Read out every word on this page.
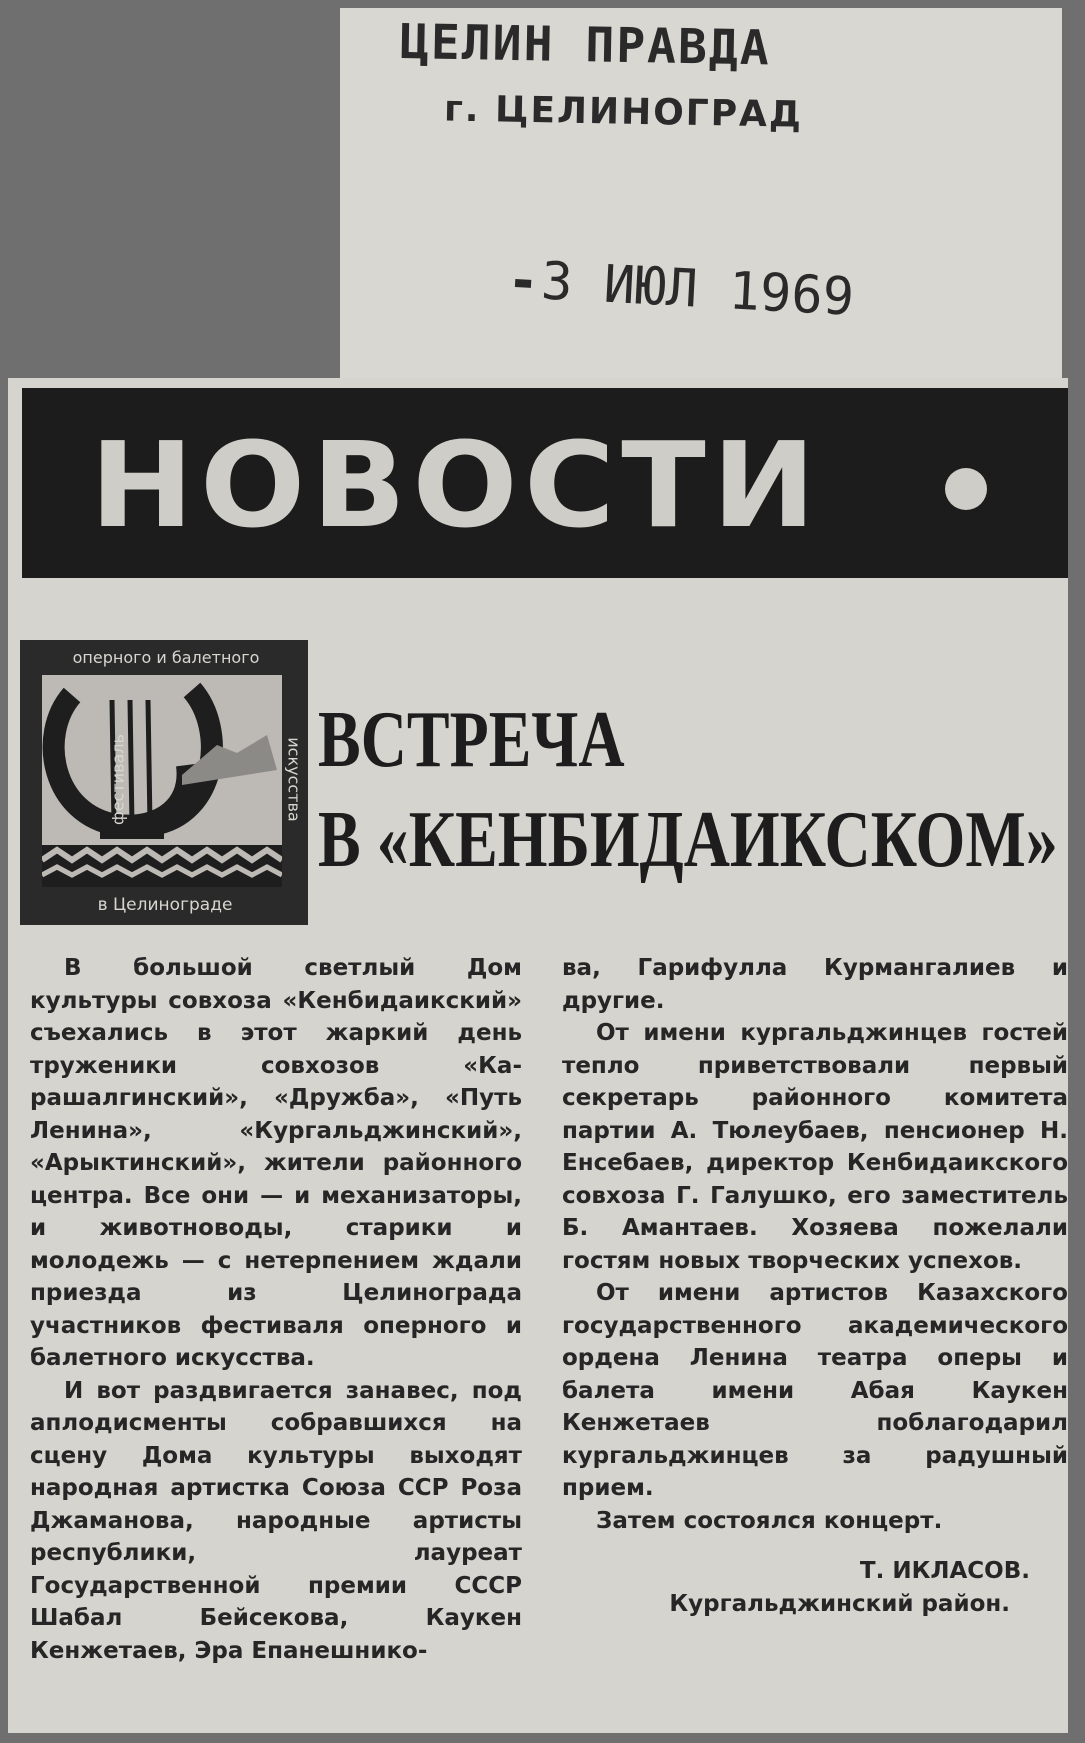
ЦЕЛИН ПРАВДА
г. ЦЕЛИНОГРАД
3 ИЮЛ 1969
НОВОСТИ
оперного и балетного
фестиваль	искусства
в Целинограде
ВСТРЕЧА
В «КЕНБИДАИКСКОМ»

В большой светлый Дом культуры совхоза «Кенбидаикский» съехались в этот жаркий день труженики совхозов «Карашалгинский», «Дружба», «Путь Ленина», «Кургальджинский», «Арыктинский», жители районного центра. Все они — и механизаторы, и животноводы, старики и молодежь — с нетерпением ждали приезда из Целинограда участников фестиваля оперного и балетного искусства.

И вот раздвигается занавес, под аплодисменты собравшихся на сцену Дома культуры выходят народная артистка Союза ССР Роза Джаманова, народные артисты республики, лауреат Государственной премии СССР Шабал Бейсекова, Каукен Кенжетаев, Эра Епанешнико-

ва, Гарифулла Курмангалиев и другие.

От имени кургальджинцев гостей тепло приветствовали первый секретарь районного комитета партии А. Тюлеубаев, пенсионер Н. Енсебаев, директор Кенбидаикского совхоза Г. Галушко, его заместитель Б. Амантаев. Хозяева пожелали гостям новых творческих успехов.

От имени артистов Казахского государственного академического ордена Ленина театра оперы и балета имени Абая Каукен Кенжетаев поблагодарил кургальджинцев за радушный прием.

Затем состоялся концерт.

Т. ИКЛАСОВ.

Кургальджинский район.
